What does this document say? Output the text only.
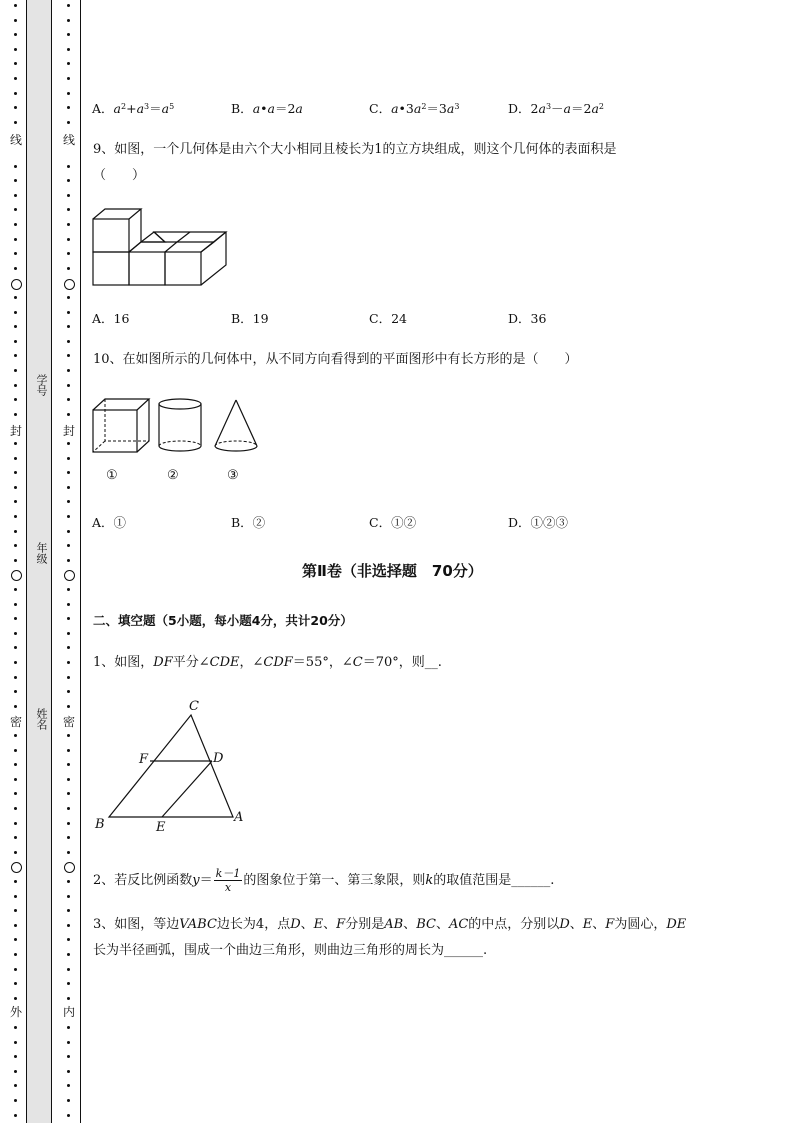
线
封
密
外
线
封
密
内
学号
年级
姓名
A．$a^2+a^3=a^5$	B．a•a＝2a	C．$a•3a^2=3a^3$	D．$2a^3-a=2a^2$
9、如图，一个几何体是由六个大小相同且棱长为1的立方块组成，则这个几何体的表面积是
（　　）
A．16	B．19	C．24	D．36
10、在如图所示的几何体中，从不同方向看得到的平面图形中有长方形的是（　　）
①	②	③
A．①	B．②	C．①②	D．①②③
第Ⅱ卷（非选择题　70分）
二、填空题（5小题，每小题4分，共计20分）
1、如图，DF平分∠CDE，∠CDF＝55°，∠C＝70°，则__.
C
D
F
B	E
A
2、若反比例函数$y= \frac{k-1}{x}$ 的图象位于第一、第三象限，则k的取值范围是______.
3、如图，等边VABC边长为4，点D、E、F分别是AB、BC、AC的中点，分别以D、E、F为圆心，DE
长为半径画弧，围成一个曲边三角形，则曲边三角形的周长为______.
